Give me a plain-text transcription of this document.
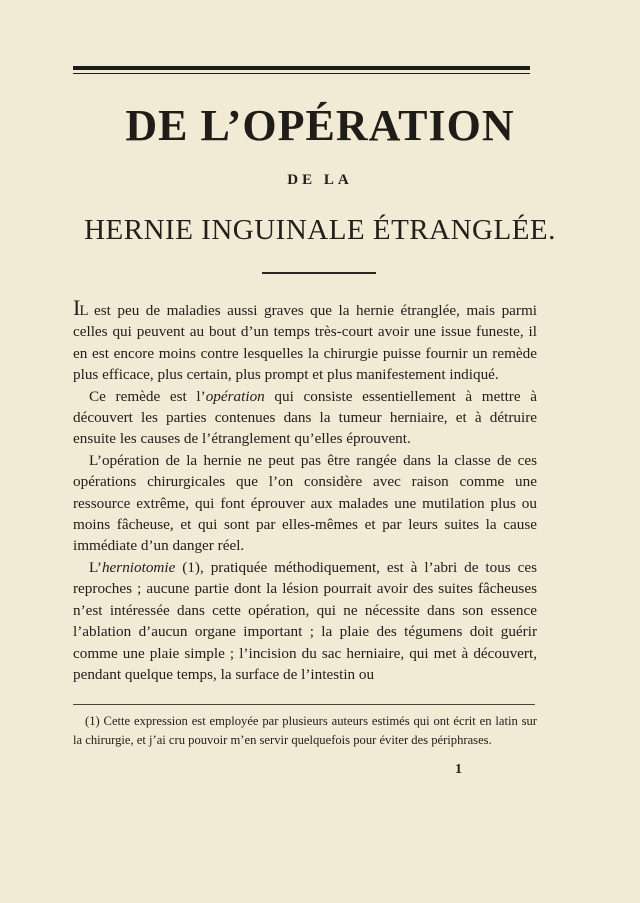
DE L’OPÉRATION
DE LA
HERNIE INGUINALE ÉTRANGLÉE.

Il est peu de maladies aussi graves que la hernie étranglée, mais parmi celles qui peuvent au bout d’un temps très-court avoir une issue funeste, il en est encore moins contre lesquelles la chirurgie puisse fournir un remède plus efficace, plus certain, plus prompt et plus manifestement indiqué.

Ce remède est l’opération qui consiste essentiellement à mettre à découvert les parties contenues dans la tumeur herniaire, et à détruire ensuite les causes de l’étranglement qu’elles éprouvent.

L’opération de la hernie ne peut pas être rangée dans la classe de ces opérations chirurgicales que l’on considère avec raison comme une ressource extrême, qui font éprouver aux malades une mutilation plus ou moins fâcheuse, et qui sont par elles-mêmes et par leurs suites la cause immédiate d’un danger réel.

L’herniotomie (1), pratiquée méthodiquement, est à l’abri de tous ces reproches ; aucune partie dont la lésion pourrait avoir des suites fâcheuses n’est intéressée dans cette opération, qui ne nécessite dans son essence l’ablation d’aucun organe important ; la plaie des tégumens doit guérir comme une plaie simple ; l’incision du sac herniaire, qui met à découvert, pendant quelque temps, la surface de l’intestin ou

(1) Cette expression est employée par plusieurs auteurs estimés qui ont écrit en latin sur la chirurgie, et j’ai cru pouvoir m’en servir quelquefois pour éviter des périphrases.

1
